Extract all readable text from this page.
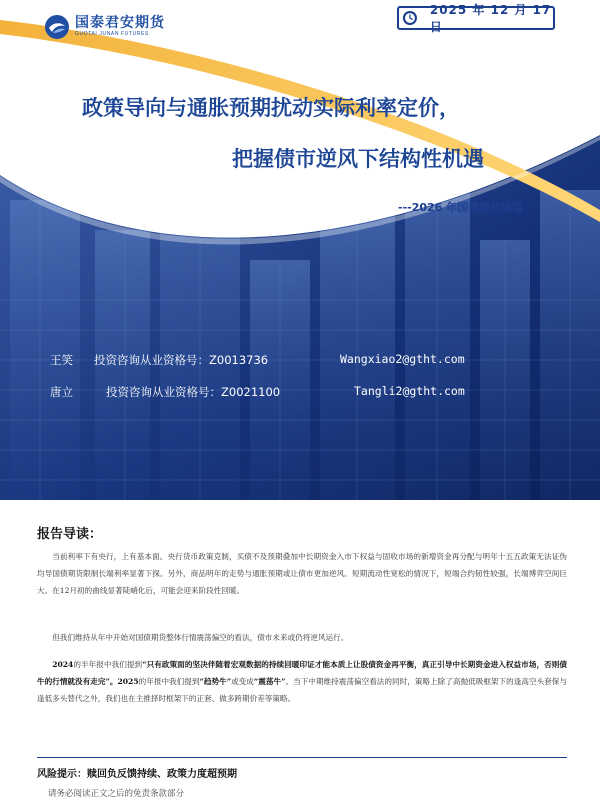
国泰君安期货
GUOTAI JUNAN FUTURES
2025 年 12 月 17 日
政策导向与通胀预期扰动实际利率定价，
把握债市逆风下结构性机遇
---2026 年国债期货展望
王笑 投资咨询从业资格号：Z0013736	Wangxiao2@gtht.com
唐立	投资咨询从业资格号：Z0021100	Tangli2@gtht.com
报告导读：

当前利率下有央行，上有基本面。央行货币政策克制，买债不及预期叠加中长期资金入市下权益与固收市场的新增资金再分配与明年十五五政策无法证伪均导国债期货限制长端利率显著下探。另外，商品明年的走势与通胀预期或让债市更加逆风。短期流动性宽松的情况下，短端合约韧性较强，长端博弈空间巨大。在12月初的曲线显著陡峭化后，可能会迎来阶段性回暖。

但我们维持从年中开始对国债期货整体行情震荡偏空的看法，债市未来或仍将逆风运行。

2024的半年报中我们提到“只有政策面的坚决伴随着宏观数据的持续回暖印证才能本质上让股债资金再平衡，真正引导中长期资金进入权益市场，否则债牛的行情就没有走完”。2025的年报中我们提到“趋势牛”或变成“震荡牛”。当下中期维持震荡偏空看法的同时，策略上除了高抛低吸框架下的逢高空头套保与逢低多头替代之外，我们也在主推择时框架下的正套、做多跨期价差等策略。

风险提示：赎回负反馈持续、政策力度超预期
请务必阅读正文之后的免责条款部分
